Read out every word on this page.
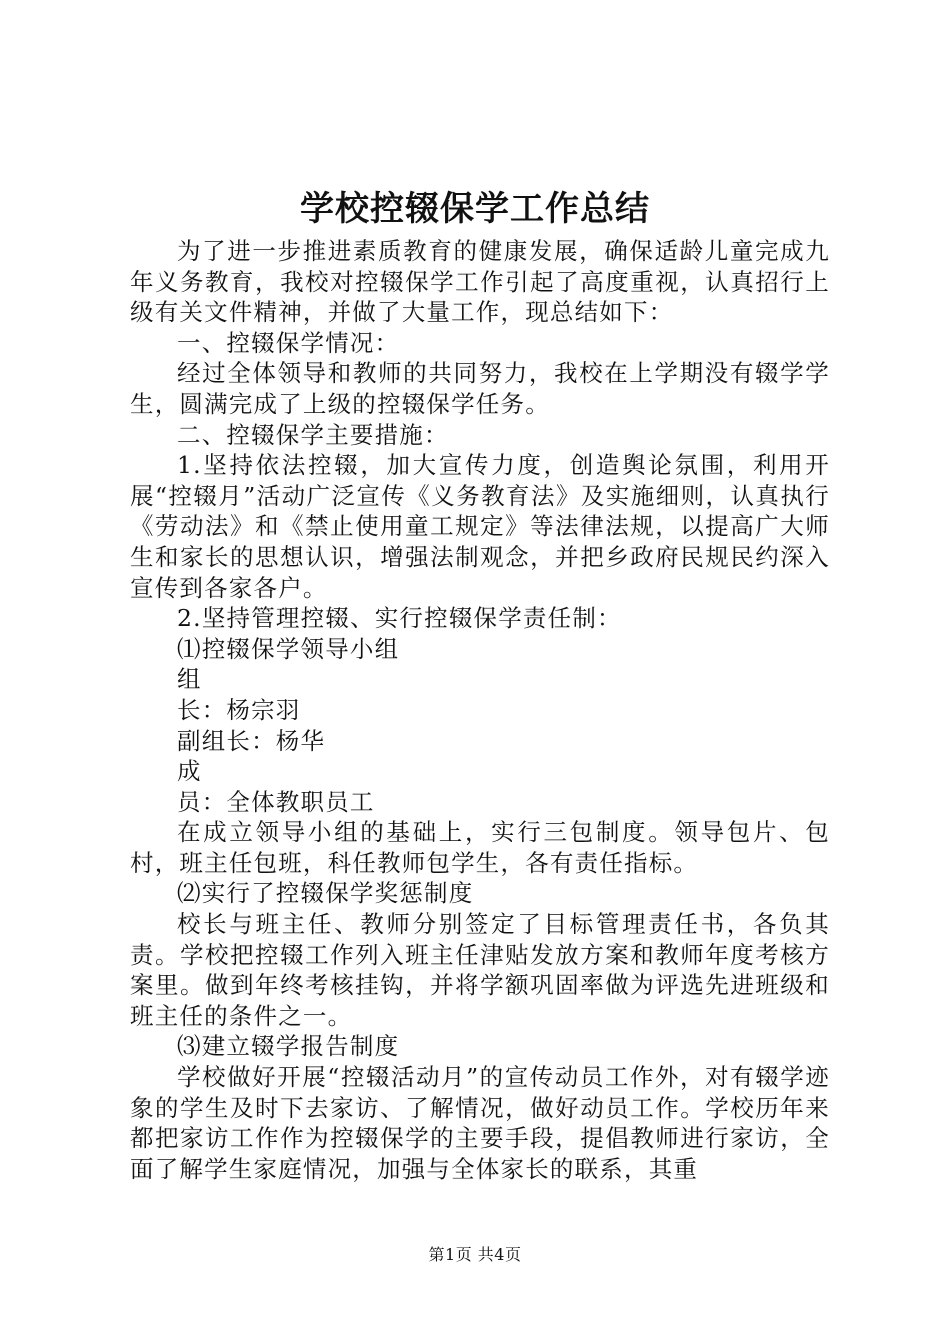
学校控辍保学工作总结

为了进一步推进素质教育的健康发展，确保适龄儿童完成九年义务教育，我校对控辍保学工作引起了高度重视，认真招行上级有关文件精神，并做了大量工作，现总结如下：

一、控辍保学情况：

经过全体领导和教师的共同努力，我校在上学期没有辍学学生，圆满完成了上级的控辍保学任务。

二、控辍保学主要措施：

1.坚持依法控辍，加大宣传力度，创造舆论氛围，利用开展“控辍月”活动广泛宣传《义务教育法》及实施细则，认真执行《劳动法》和《禁止使用童工规定》等法律法规，以提高广大师生和家长的思想认识，增强法制观念，并把乡政府民规民约深入宣传到各家各户。

2.坚持管理控辍、实行控辍保学责任制：

⑴控辍保学领导小组

组

长：杨宗羽

副组长：杨华

成

员：全体教职员工

在成立领导小组的基础上，实行三包制度。领导包片、包村，班主任包班，科任教师包学生，各有责任指标。

⑵实行了控辍保学奖惩制度

校长与班主任、教师分别签定了目标管理责任书，各负其责。学校把控辍工作列入班主任津贴发放方案和教师年度考核方案里。做到年终考核挂钩，并将学额巩固率做为评选先进班级和班主任的条件之一。

⑶建立辍学报告制度

学校做好开展“控辍活动月”的宣传动员工作外，对有辍学迹象的学生及时下去家访、了解情况，做好动员工作。学校历年来都把家访工作作为控辍保学的主要手段，提倡教师进行家访，全面了解学生家庭情况，加强与全体家长的联系，其重

第1页 共4页
